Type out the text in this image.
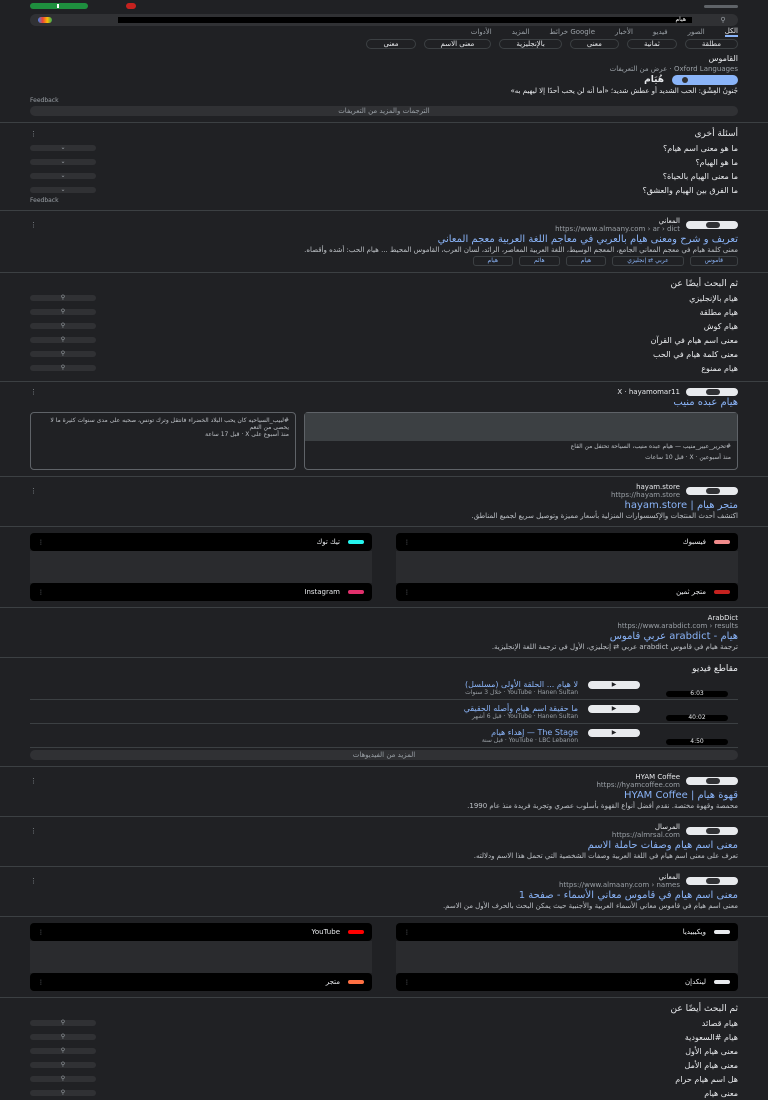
هيام	⚲
الكل
الصور
فيديو
الأخبار
Google خرائط
المزيد
الأدوات
مطلقة
ثمانية
معنى
بالإنجليزية
معنى الاسم
معنى
القاموس
Oxford Languages · عرض من التعريفات
هُيَام
جُنونُ العِشْق: الحب الشديد أو عطش شديد؛ «أما أنه لن يحب أحدًا إلا ليهيم به»
Feedback
الترجمات والمزيد من التعريفات
أسئلة أخرى
⋮
ما هو معنى اسم هيام؟
⌄
ما هو الهيام؟
⌄
ما معنى الهيام بالحياة؟
⌄
ما الفرق بين الهيام والعشق؟
⌄
Feedback
المعاني
https://www.almaany.com › ar › dict
⋮
تعريف و شرح ومعنى هيام بالعربي في معاجم اللغة العربية معجم المعاني
معنى كلمة هيام في معجم المعاني الجامع، المعجم الوسيط، اللغة العربية المعاصر، الرائد، لسان العرب، القاموس المحيط ... هيام الحب: أشده وأقصاه.
قاموس
عربي ⇄ إنجليزي
هيام
هائم
هيام
ثم البحث أيضًا عن
هيام بالإنجليزي
⚲
هيام مطلقة
⚲
هيام كوش
⚲
معنى اسم هيام في القرآن
⚲
معنى كلمة هيام في الحب
⚲
هيام ممنوع
⚲
X · hayamomar11
⋮
هيام عبده منيب
#تحرير_عبير_منيب — هيام عبده منيب، السياحة تحتفل من القاع
منذ أسبوعين · X · قبل 10 ساعات
#لبيب_السياحيه كان يحب البلاد الخضراء فانتقل وترك تونس، صحبه على مدى سنوات كثيرة ما لا يحصى من النعم
منذ أسبوع على X · قبل 17 ساعة
hayam.store
https://hayam.store
⋮
متجر هيام | hayam.store
اكتشف أحدث المنتجات والإكسسوارات المنزلية بأسعار مميزة وتوصيل سريع لجميع المناطق.
فيسبوك
⋮
متجر ثمين
⋮
تيك توك
⋮
Instagram
⋮
ArabDict
https://www.arabdict.com › results
هيام - arabdict عربي قاموس
ترجمة هيام في قاموس arabdict عربي ⇄ إنجليزي، الأول في ترجمة اللغة الإنجليزية.
مقاطع فيديو
▶
6:03
لا هيام ... الحلقة الأولى (مسلسل)
YouTube · Hanen Sultan · خلال 3 سنوات
▶
40:02
ما حقيقة اسم هيام وأصله الحقيقي
YouTube · Hanen Sultan · قبل 6 أشهر
▶
4:50
The Stage — إهداء هيام
YouTube · LBC Lebanon · قبل سنة
المزيد من الفيديوهات
HYAM Coffee
https://hyamcoffee.com
⋮
قهوة هيام | HYAM Coffee
محمصة وقهوة مختصة. نقدم أفضل أنواع القهوة بأسلوب عصري وتجربة فريدة منذ عام 1990.
المرسال
https://almrsal.com
⋮
معنى اسم هيام وصفات حاملة الاسم
تعرف على معنى اسم هيام في اللغة العربية وصفات الشخصية التي تحمل هذا الاسم ودلالته.
المعاني
https://www.almaany.com › names
⋮
معنى اسم هيام في قاموس معاني الأسماء - صفحة 1
معنى اسم هيام في قاموس معاني الأسماء العربية والأجنبية حيث يمكن البحث بالحرف الأول من الاسم.
ويكيبيديا
⋮
لينكدإن
⋮
YouTube
⋮
متجر
⋮
ثم البحث أيضًا عن
هيام قصائد
⚲
هيام #السعودية
⚲
معنى هيام الأول
⚲
معنى هيام الأمل
⚲
هل اسم هيام حرام
⚲
معنى هيام
⚲
